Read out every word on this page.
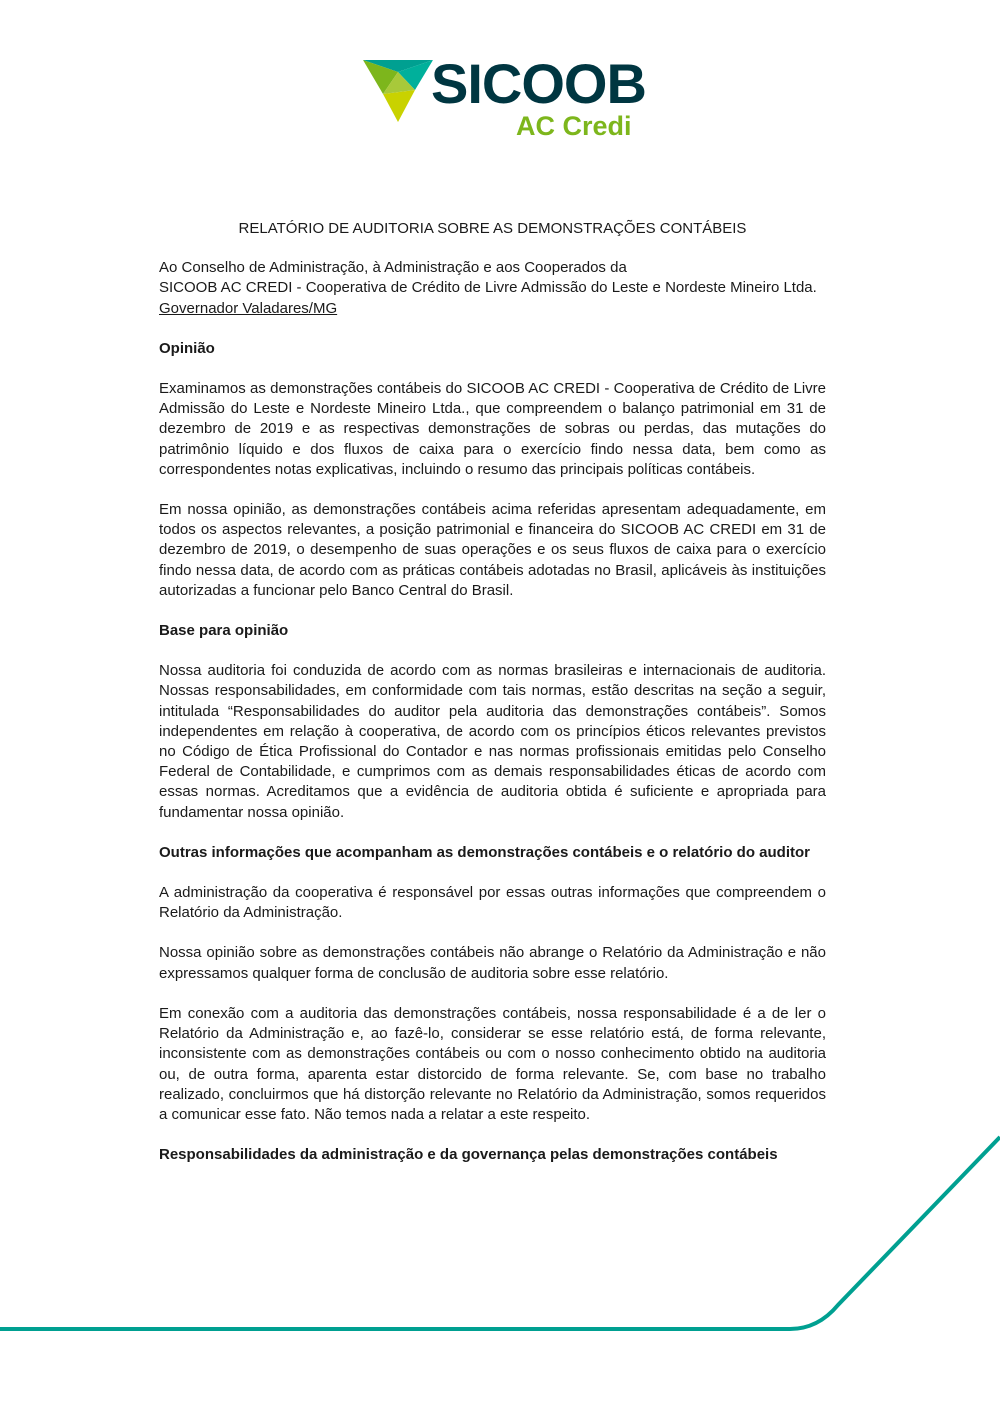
SICOOB
AC Credi
RELATÓRIO DE AUDITORIA SOBRE AS DEMONSTRAÇÕES CONTÁBEIS
Ao Conselho de Administração, à Administração e aos Cooperados da
SICOOB AC CREDI - Cooperativa de Crédito de Livre Admissão do Leste e Nordeste Mineiro Ltda.
Governador Valadares/MG
Opinião

Examinamos as demonstrações contábeis do SICOOB AC CREDI - Cooperativa de Crédito de Livre Admissão do Leste e Nordeste Mineiro Ltda., que compreendem o balanço patrimonial em 31 de dezembro de 2019 e as respectivas demonstrações de sobras ou perdas, das mutações do patrimônio líquido e dos fluxos de caixa para o exercício findo nessa data, bem como as correspondentes notas explicativas, incluindo o resumo das principais políticas contábeis.

Em nossa opinião, as demonstrações contábeis acima referidas apresentam adequadamente, em todos os aspectos relevantes, a posição patrimonial e financeira do SICOOB AC CREDI em 31 de dezembro de 2019, o desempenho de suas operações e os seus fluxos de caixa para o exercício findo nessa data, de acordo com as práticas contábeis adotadas no Brasil, aplicáveis às instituições autorizadas a funcionar pelo Banco Central do Brasil.

Base para opinião

Nossa auditoria foi conduzida de acordo com as normas brasileiras e internacionais de auditoria. Nossas responsabilidades, em conformidade com tais normas, estão descritas na seção a seguir, intitulada “Responsabilidades do auditor pela auditoria das demonstrações contábeis”. Somos independentes em relação à cooperativa, de acordo com os princípios éticos relevantes previstos no Código de Ética Profissional do Contador e nas normas profissionais emitidas pelo Conselho Federal de Contabilidade, e cumprimos com as demais responsabilidades éticas de acordo com essas normas. Acreditamos que a evidência de auditoria obtida é suficiente e apropriada para fundamentar nossa opinião.

Outras informações que acompanham as demonstrações contábeis e o relatório do auditor

A administração da cooperativa é responsável por essas outras informações que compreendem o Relatório da Administração.

Nossa opinião sobre as demonstrações contábeis não abrange o Relatório da Administração e não expressamos qualquer forma de conclusão de auditoria sobre esse relatório.

Em conexão com a auditoria das demonstrações contábeis, nossa responsabilidade é a de ler o Relatório da Administração e, ao fazê-lo, considerar se esse relatório está, de forma relevante, inconsistente com as demonstrações contábeis ou com o nosso conhecimento obtido na auditoria ou, de outra forma, aparenta estar distorcido de forma relevante. Se, com base no trabalho realizado, concluirmos que há distorção relevante no Relatório da Administração, somos requeridos a comunicar esse fato. Não temos nada a relatar a este respeito.

Responsabilidades da administração e da governança pelas demonstrações contábeis
